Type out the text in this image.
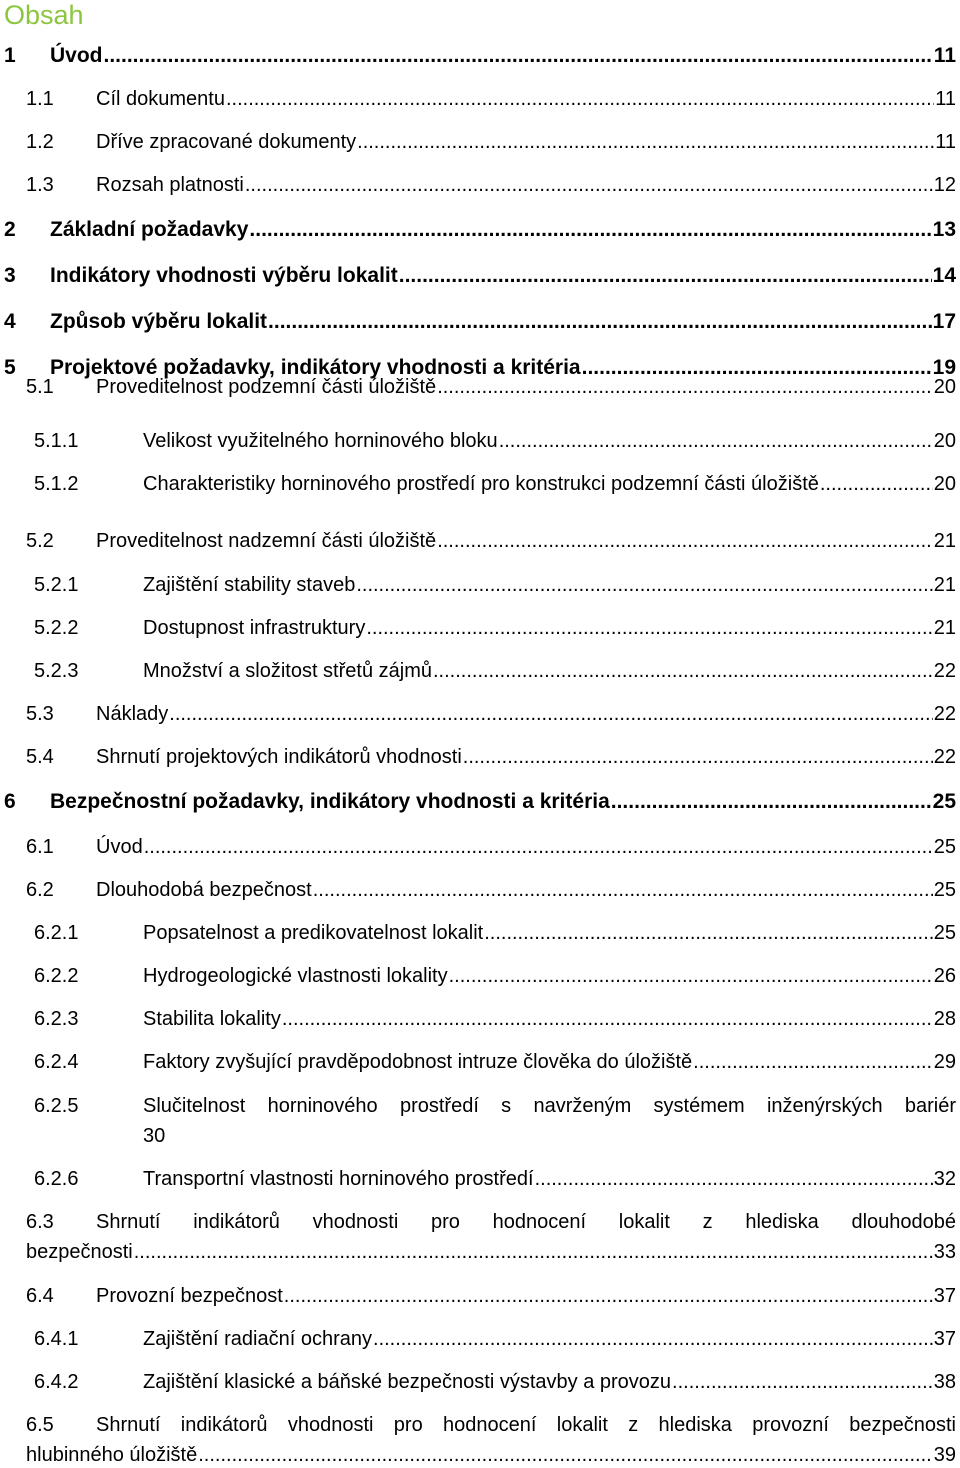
Obsah
1 Úvod .....	11
1.1 Cíl dokumentu .....	11
1.2 Dříve zpracované dokumenty .....	11
1.3 Rozsah platnosti .....	12
2 Základní požadavky .....	13
3 Indikátory vhodnosti výběru lokalit .....	14
4 Způsob výběru lokalit .....	17
5 Projektové požadavky, indikátory vhodnosti a kritéria .....	19
5.1 Proveditelnost podzemní části úložiště .....	20
5.1.1	Velikost využitelného horninového bloku .....	20
5.1.2	Charakteristiky horninového prostředí pro konstrukci podzemní části úložiště .....	20
5.2 Proveditelnost nadzemní části úložiště .....	21
5.2.1	Zajištění stability staveb .....	21
5.2.2	Dostupnost infrastruktury .....	21
5.2.3	Množství a složitost střetů zájmů .....	22
5.3 Náklady .....	22
5.4 Shrnutí projektových indikátorů vhodnosti .....	22
6 Bezpečnostní požadavky, indikátory vhodnosti a kritéria .....	25
6.1 Úvod .....	25
6.2 Dlouhodobá bezpečnost .....	25
6.2.1	Popsatelnost a predikovatelnost lokalit .....	25
6.2.2	Hydrogeologické vlastnosti lokality .....	26
6.2.3	Stabilita lokality .....	28
6.2.4	Faktory zvyšující pravděpodobnost intruze člověka do úložiště .....	29
6.2.5	Slučitelnost horninového prostředí s navrženým systémem inženýrských bariér
30
6.2.6	Transportní vlastnosti horninového prostředí .....	32
6.3 Shrnutí indikátorů vhodnosti pro hodnocení lokalit z hlediska dlouhodobé
bezpečnosti .....	33
6.4 Provozní bezpečnost .....	37
6.4.1	Zajištění radiační ochrany .....	37
6.4.2	Zajištění klasické a báňské bezpečnosti výstavby a provozu .....	38
6.5 Shrnutí indikátorů vhodnosti pro hodnocení lokalit z hlediska provozní bezpečnosti
hlubinného úložiště .....	39
